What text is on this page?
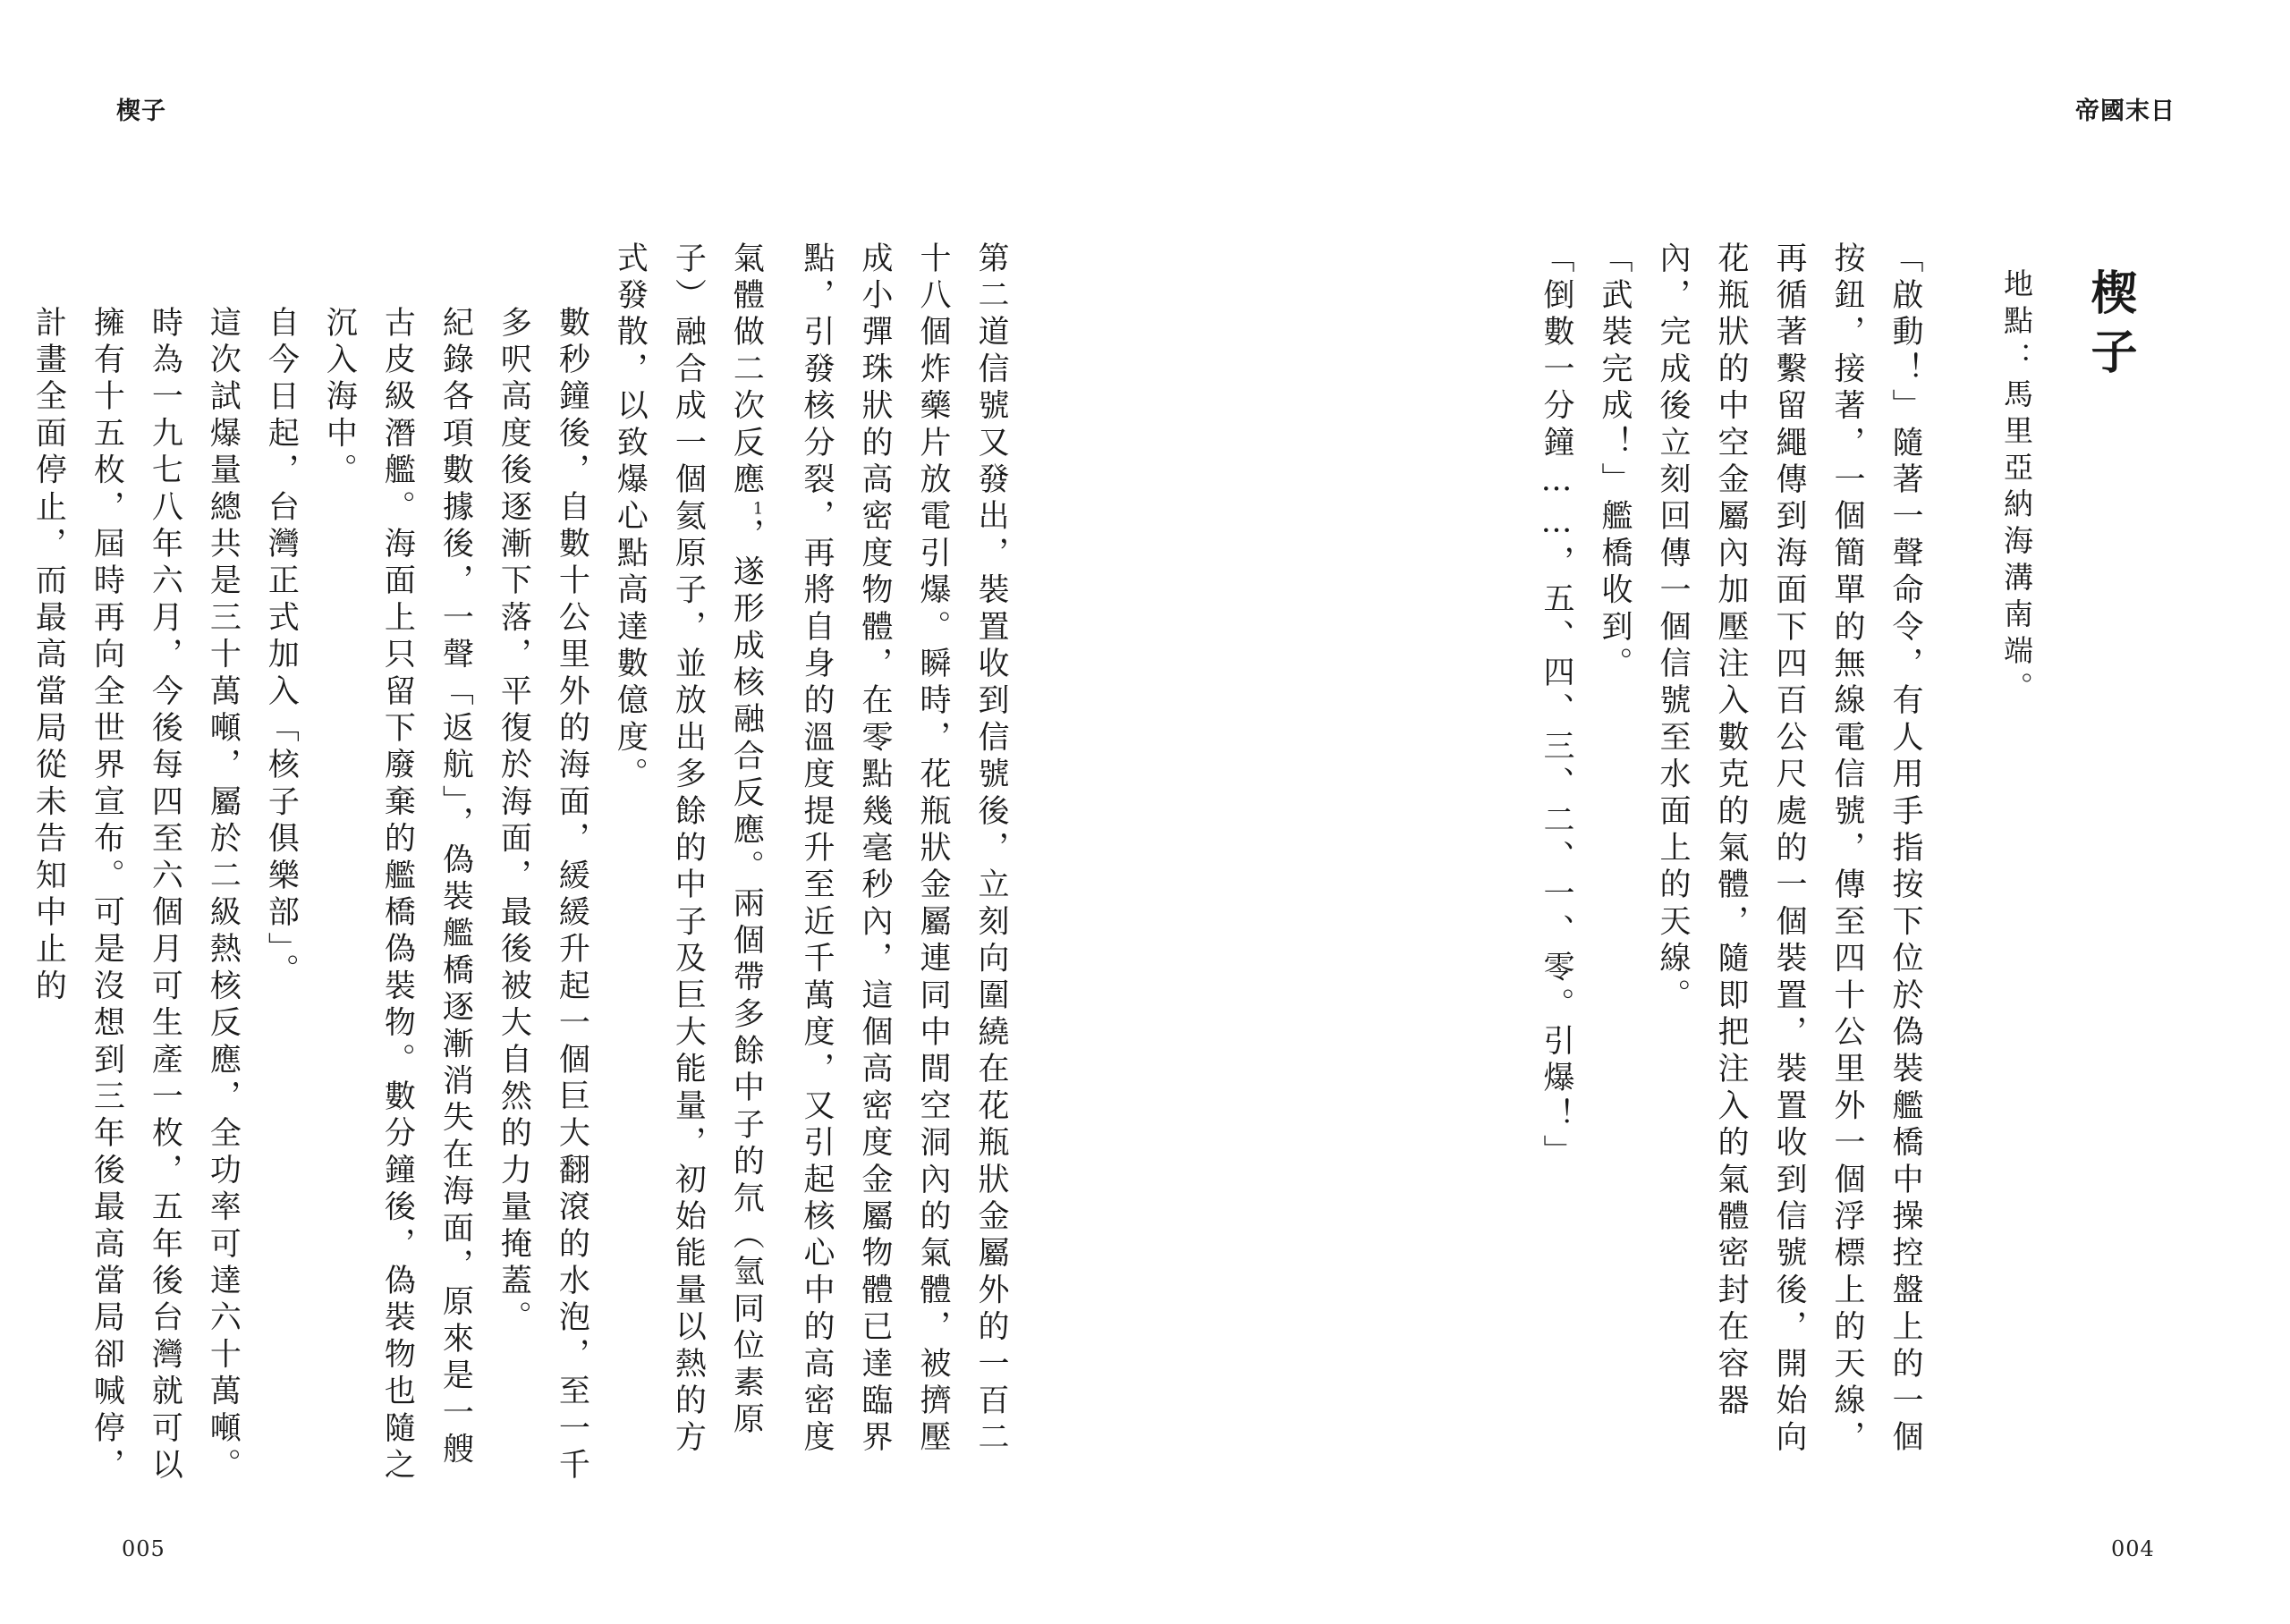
楔子	帝國末日
楔子
地點：馬里亞納海溝南端。
「啟動！」隨著一聲命令，有人用手指按下位於偽裝艦橋中操控盤上的一個按鈕，接著，一個簡單的無線電信號，傳至四十公里外一個浮標上的天線，再循著繫留繩傳到海面下四百公尺處的一個裝置，裝置收到信號後，開始向花瓶狀的中空金屬內加壓注入數克的氣體，隨即把注入的氣體密封在容器內，完成後立刻回傳一個信號至水面上的天線。
「武裝完成！」艦橋收到。
「倒數一分鐘……，五、四、三、二、一、零。引爆！」
第二道信號又發出，裝置收到信號後，立刻向圍繞在花瓶狀金屬外的一百二十八個炸藥片放電引爆。瞬時，花瓶狀金屬連同中間空洞內的氣體，被擠壓成小彈珠狀的高密度物體，在零點幾毫秒內，這個高密度金屬物體已達臨界點，引發核分裂，再將自身的溫度提升至近千萬度，又引起核心中的高密度氣體做二次反應$^1$，遂形成核融合反應。兩個帶多餘中子的氘（氫同位素原子）融合成一個氦原子，並放出多餘的中子及巨大能量，初始能量以熱的方式發散，以致爆心點高達數億度。
數秒鐘後，自數十公里外的海面，緩緩升起一個巨大翻滾的水泡，至一千多呎高度後逐漸下落，平復於海面，最後被大自然的力量掩蓋。
紀錄各項數據後，一聲「返航」，偽裝艦橋逐漸消失在海面，原來是一艘古皮級潛艦。海面上只留下廢棄的艦橋偽裝物。數分鐘後，偽裝物也隨之沉入海中。
自今日起，台灣正式加入「核子俱樂部」。
這次試爆量總共是三十萬噸，屬於二級熱核反應，全功率可達六十萬噸。時為一九七八年六月，今後每四至六個月可生產一枚，五年後台灣就可以擁有十五枚，屆時再向全世界宣布。可是沒想到三年後最高當局卻喊停，計畫全面停止，而最高當局從未告知中止的
005	004
